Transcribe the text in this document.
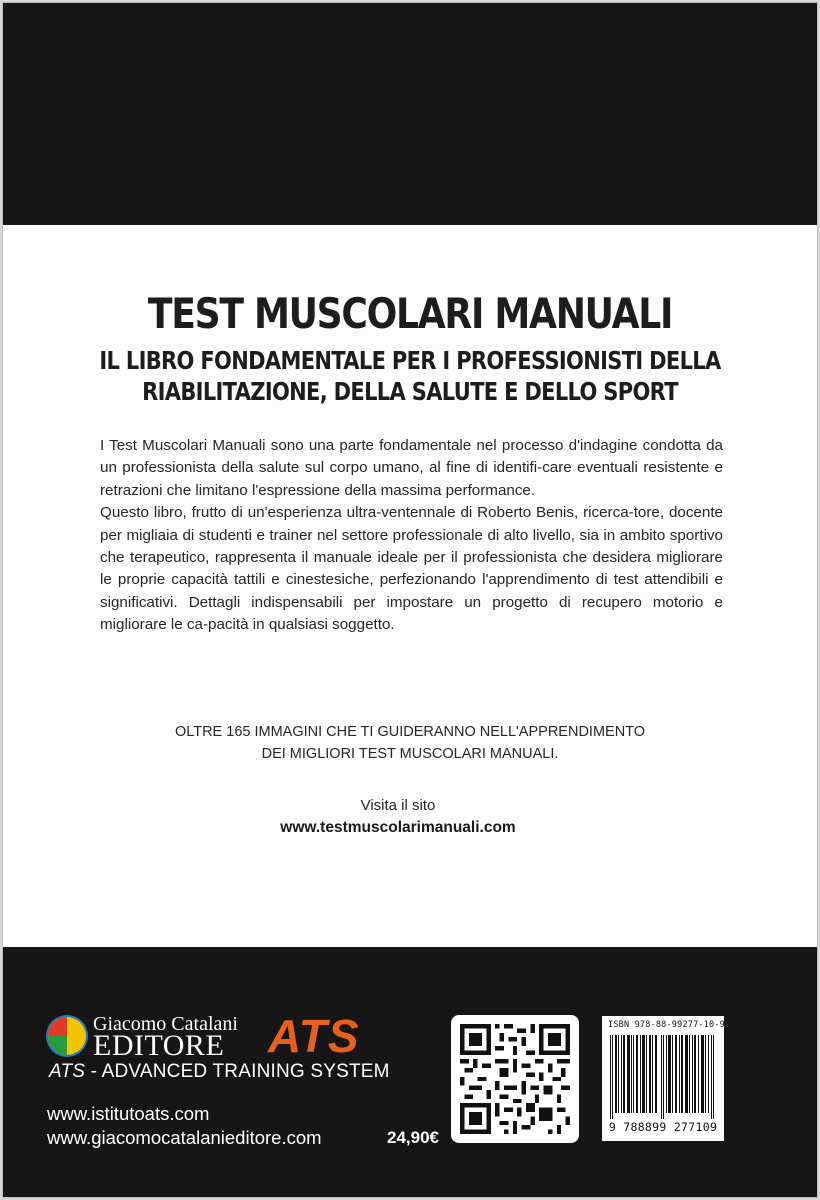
TEST MUSCOLARI MANUALI
IL LIBRO FONDAMENTALE PER I PROFESSIONISTI DELLA
RIABILITAZIONE, DELLA SALUTE E DELLO SPORT

I Test Muscolari Manuali sono una parte fondamentale nel processo d'indagine condotta da un professionista della salute sul corpo umano, al fine di identifi-care eventuali resistente e retrazioni che limitano l'espressione della massima performance.

Questo libro, frutto di un'esperienza ultra-ventennale di Roberto Benis, ricerca-tore, docente per migliaia di studenti e trainer nel settore professionale di alto livello, sia in ambito sportivo che terapeutico, rappresenta il manuale ideale per il professionista che desidera migliorare le proprie capacità tattili e cinestesiche, perfezionando l'apprendimento di test attendibili e significativi. Dettagli indispensabili per impostare un progetto di recupero motorio e migliorare le ca-pacità in qualsiasi soggetto.

OLTRE 165 IMMAGINI CHE TI GUIDERANNO NELL'APPRENDIMENTO
DEI MIGLIORI TEST MUSCOLARI MANUALI.
Visita il sito
www.testmuscolarimanuali.com
Giacomo Catalani
EDITORE ATS
ATS - ADVANCED TRAINING SYSTEM
www.istitutoats.com
www.giacomocatalanieditore.com	24,90€
ISBN 978-88-99277-10-9
9 788899 277109
